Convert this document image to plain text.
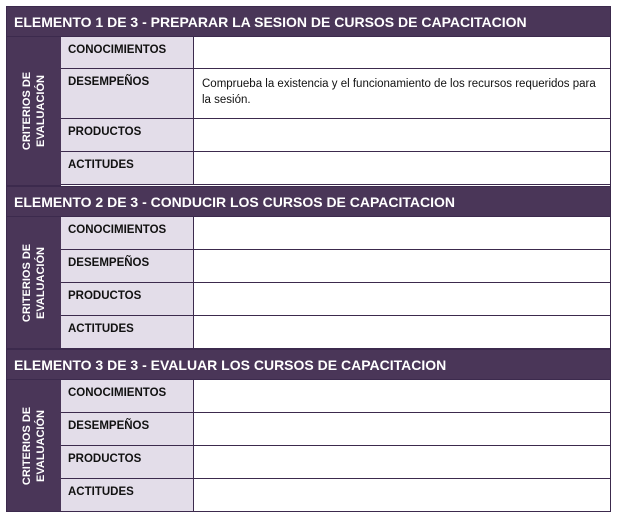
ELEMENTO 1 DE 3 - PREPARAR LA SESION DE CURSOS DE CAPACITACION
CRITERIOS DE EVALUACIÓN
CONOCIMIENTOS
DESEMPEÑOS	Comprueba la existencia y el funcionamiento de los recursos requeridos para la sesión.
PRODUCTOS
ACTITUDES
ELEMENTO 2 DE 3 - CONDUCIR LOS CURSOS DE CAPACITACION
CRITERIOS DE EVALUACIÓN
CONOCIMIENTOS
DESEMPEÑOS
PRODUCTOS
ACTITUDES
ELEMENTO 3 DE 3 - EVALUAR LOS CURSOS DE CAPACITACION
CRITERIOS DE EVALUACIÓN
CONOCIMIENTOS
DESEMPEÑOS
PRODUCTOS
ACTITUDES
